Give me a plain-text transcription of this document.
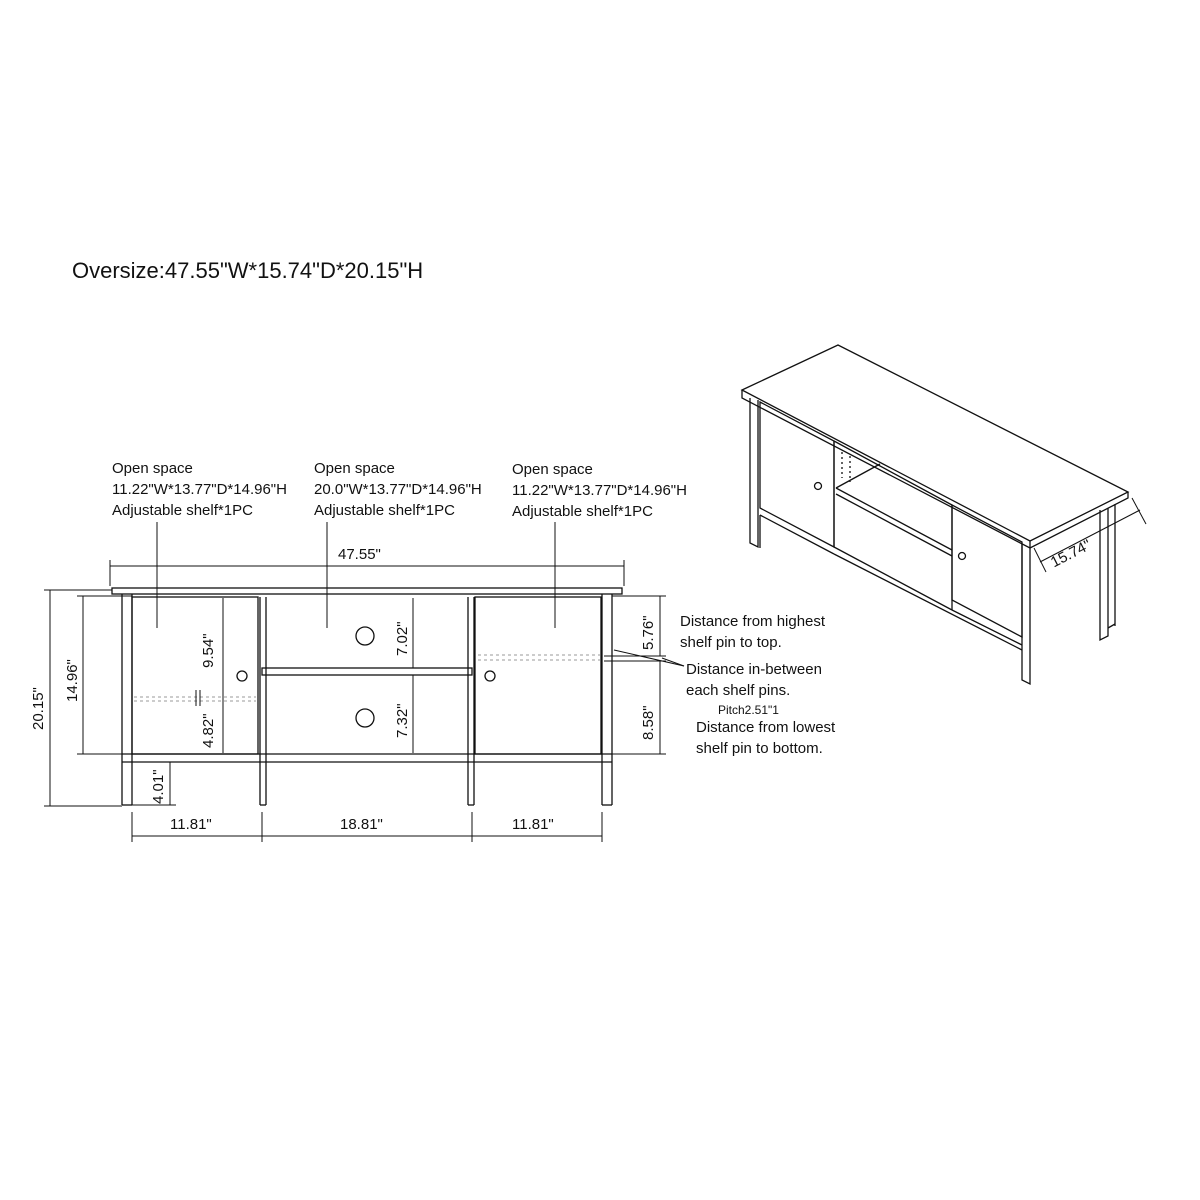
Oversize:47.55"W*15.74"D*20.15"H
Open space
11.22"W*13.77"D*14.96"H
Adjustable shelf*1PC
Open space
20.0"W*13.77"D*14.96"H
Adjustable shelf*1PC
Open space
11.22"W*13.77"D*14.96"H
Adjustable shelf*1PC
47.55"
20.15"
14.96"
9.54"
4.82"
4.01"
7.02"
7.32"
5.76"
8.58"
11.81"	18.81"	11.81"
15.74"
Distance from highest
shelf pin to top.
Distance in-between
each shelf pins.
Pitch2.51"1
Distance from lowest
shelf pin to bottom.
